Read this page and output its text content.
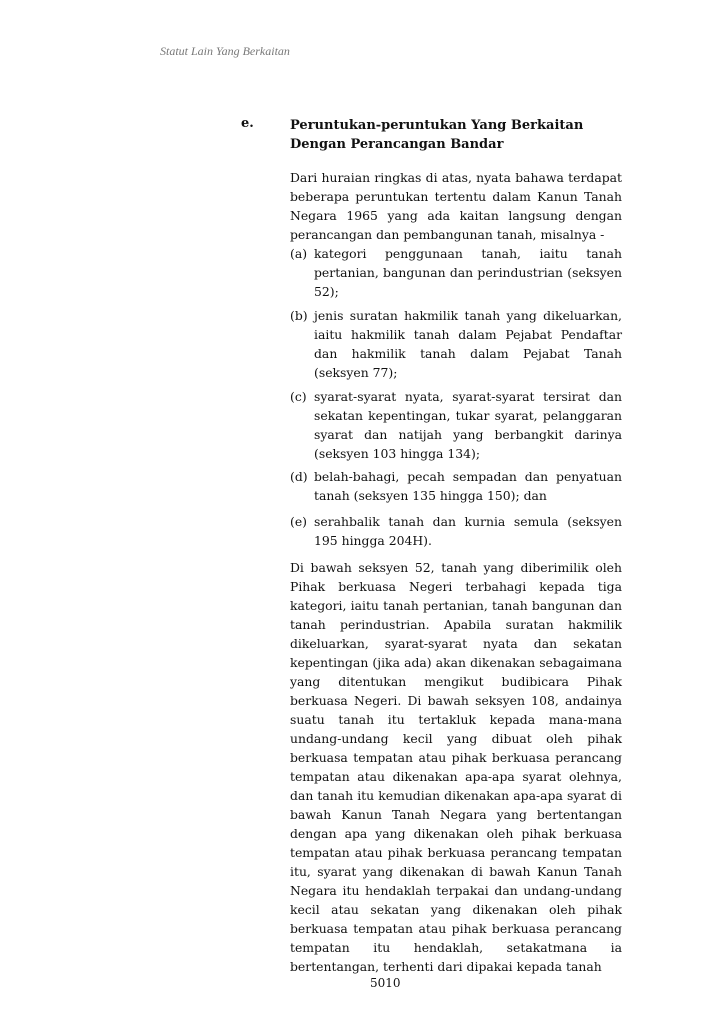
Statut Lain Yang Berkaitan
e.	Peruntukan-peruntukan Yang Berkaitan Dengan Perancangan Bandar
Dari huraian ringkas di atas, nyata bahawa terdapat beberapa peruntukan tertentu dalam Kanun Tanah Negara 1965 yang ada kaitan langsung dengan perancangan dan pembangunan tanah, misalnya -
(a) kategori penggunaan tanah, iaitu tanah pertanian, bangunan dan perindustrian (seksyen 52);
(b) jenis suratan hakmilik tanah yang dikeluarkan, iaitu hakmilik tanah dalam Pejabat Pendaftar dan hakmilik tanah dalam Pejabat Tanah (seksyen 77);
(c) syarat-syarat nyata, syarat-syarat tersirat dan sekatan kepentingan, tukar syarat, pelanggaran syarat dan natijah yang berbangkit darinya (seksyen 103 hingga 134);
(d) belah-bahagi, pecah sempadan dan penyatuan tanah (seksyen 135 hingga 150); dan
(e) serahbalik tanah dan kurnia semula (seksyen 195 hingga 204H).
Di bawah seksyen 52, tanah yang diberimilik oleh Pihak berkuasa Negeri terbahagi kepada tiga kategori, iaitu tanah pertanian, tanah bangunan dan tanah perindustrian. Apabila suratan hakmilik dikeluarkan, syarat-syarat nyata dan sekatan kepentingan (jika ada) akan dikenakan sebagaimana yang ditentukan mengikut budibicara Pihak berkuasa Negeri. Di bawah seksyen 108, andainya suatu tanah itu tertakluk kepada mana-mana undang-undang kecil yang dibuat oleh pihak berkuasa tempatan atau pihak berkuasa perancang tempatan atau dikenakan apa-apa syarat olehnya, dan tanah itu kemudian dikenakan apa-apa syarat di bawah Kanun Tanah Negara yang bertentangan dengan apa yang dikenakan oleh pihak berkuasa tempatan atau pihak berkuasa perancang tempatan itu, syarat yang dikenakan di bawah Kanun Tanah Negara itu hendaklah terpakai dan undang-undang kecil atau sekatan yang dikenakan oleh pihak berkuasa tempatan atau pihak berkuasa perancang tempatan itu hendaklah, setakatmana ia bertentangan, terhenti dari dipakai kepada tanah
5010
